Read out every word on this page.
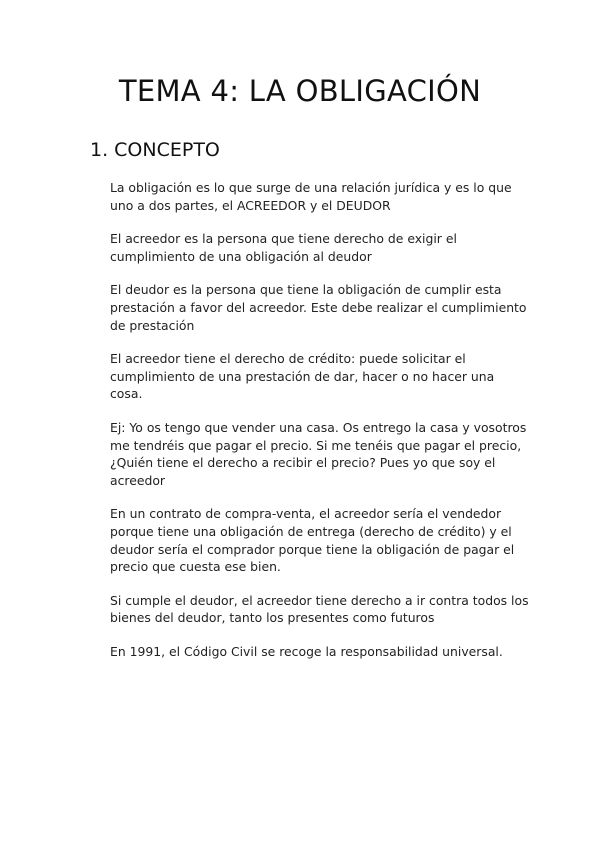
TEMA 4: LA OBLIGACIÓN
1. CONCEPTO

La obligación es lo que surge de una relación jurídica y es lo que uno a dos partes, el ACREEDOR y el DEUDOR

El acreedor es la persona que tiene derecho de exigir el cumplimiento de una obligación al deudor

El deudor es la persona que tiene la obligación de cumplir esta prestación a favor del acreedor. Este debe realizar el cumplimiento de prestación

El acreedor tiene el derecho de crédito: puede solicitar el cumplimiento de una prestación de dar, hacer o no hacer una cosa.

Ej: Yo os tengo que vender una casa. Os entrego la casa y vosotros me tendréis que pagar el precio. Si me tenéis que pagar el precio, ¿Quién tiene el derecho a recibir el precio? Pues yo que soy el acreedor

En un contrato de compra-venta, el acreedor sería el vendedor porque tiene una obligación de entrega (derecho de crédito) y el deudor sería el comprador porque tiene la obligación de pagar el precio que cuesta ese bien.

Si cumple el deudor, el acreedor tiene derecho a ir contra todos los bienes del deudor, tanto los presentes como futuros

En 1991, el Código Civil se recoge la responsabilidad universal.
